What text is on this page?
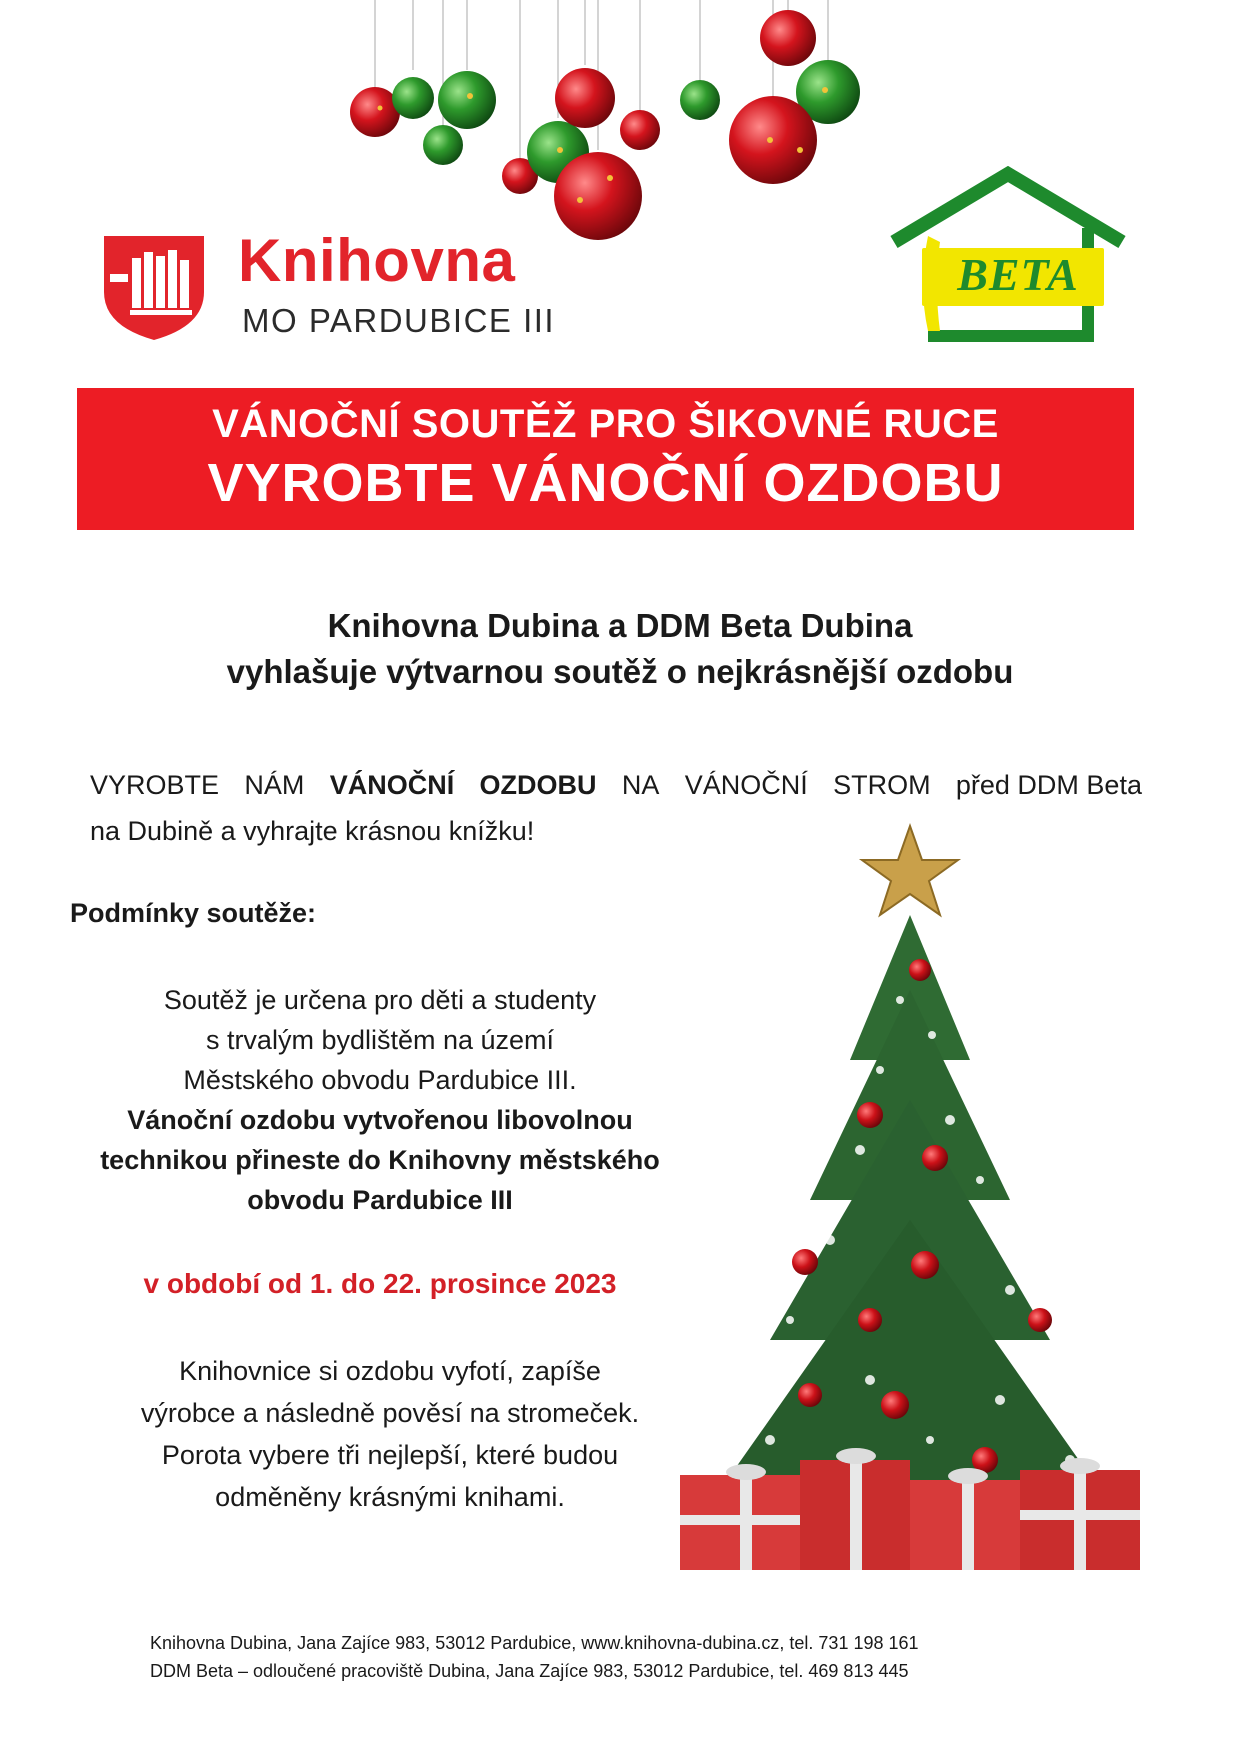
Knihovna
MO PARDUBICE III
BETA
VÁNOČNÍ SOUTĚŽ PRO ŠIKOVNÉ RUCE
VYROBTE VÁNOČNÍ OZDOBU
Knihovna Dubina a DDM Beta Dubina
vyhlašuje výtvarnou soutěž o nejkrásnější ozdobu
VYROBTE NÁM VÁNOČNÍ OZDOBU NA VÁNOČNÍ STROM před DDM Beta
na Dubině a vyhrajte krásnou knížku!
Podmínky soutěže:
Soutěž je určena pro děti a studenty
s trvalým bydlištěm na území
Městského obvodu Pardubice III.
Vánoční ozdobu vytvořenou libovolnou
technikou přineste do Knihovny městského
obvodu Pardubice III
v období od 1. do 22. prosince 2023
Knihovnice si ozdobu vyfotí, zapíše
výrobce a následně pověsí na stromeček.
Porota vybere tři nejlepší, které budou
odměněny krásnými knihami.
Knihovna Dubina, Jana Zajíce 983, 53012 Pardubice, www.knihovna-dubina.cz, tel. 731 198 161
DDM Beta – odloučené pracoviště Dubina, Jana Zajíce 983, 53012 Pardubice, tel. 469 813 445
